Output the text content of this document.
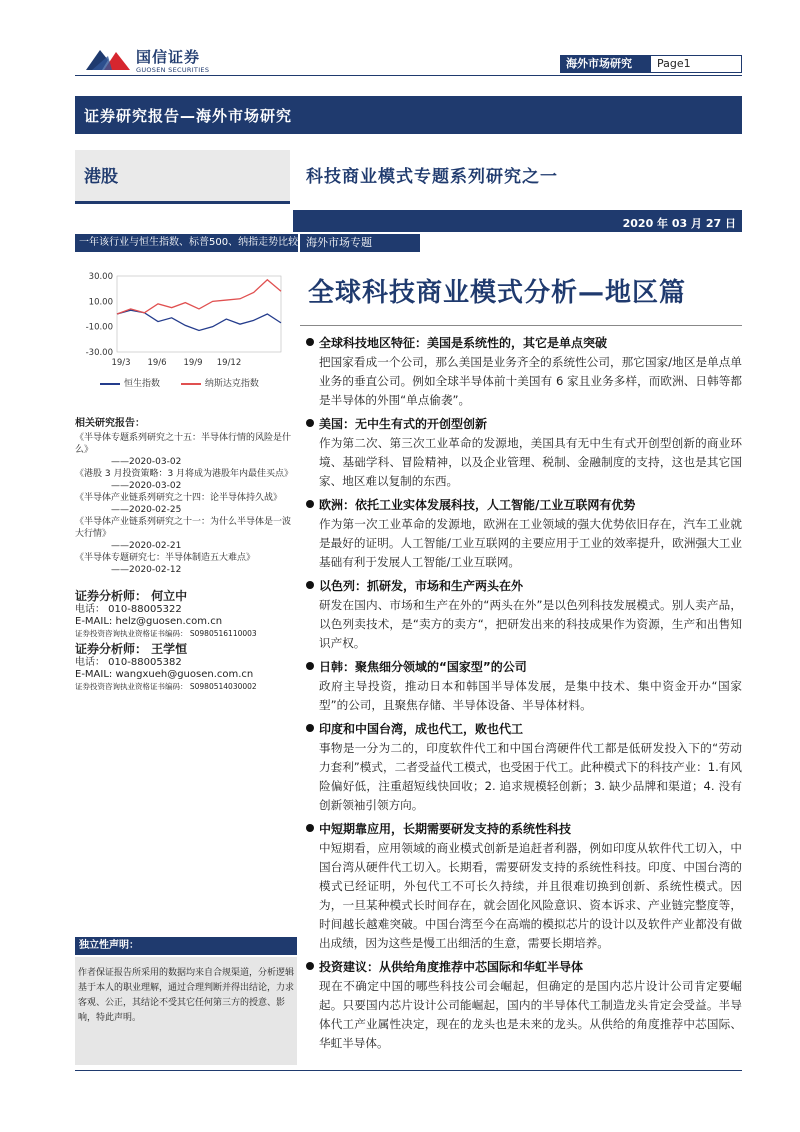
国信证券
GUOSEN SECURITIES	海外市场研究	Page1
证券研究报告—海外市场研究
港股	科技商业模式专题系列研究之一
2020 年 03 月 27 日
一年该行业与恒生指数、标普500、纳指走势比较 海外市场专题
全球科技商业模式分析—地区篇
30.00
10.00
-10.00
-30.00
19/3 19/6 19/9 19/12
恒生指数	纳斯达克指数
相关研究报告：
《半导体专题系列研究之十五：半导体行情的风险是什么》
——2020-03-02
《港股 3 月投资策略：3 月将成为港股年内最佳买点》
——2020-03-02
《半导体产业链系列研究之十四：论半导体持久战》
——2020-02-25
《半导体产业链系列研究之十一：为什么半导体是一波大行情》
——2020-02-21
《半导体专题研究七：半导体制造五大难点》
——2020-02-12
证券分析师： 何立中
电话： 010-88005322
E-MAIL: helz@guosen.com.cn
证券投资咨询执业资格证书编码： S0980516110003
证券分析师： 王学恒
电话： 010-88005382
E-MAIL: wangxueh@guosen.com.cn
证券投资咨询执业资格证书编码： S0980514030002
独立性声明：
作者保证报告所采用的数据均来自合规渠道，分析逻辑基于本人的职业理解，通过合理判断并得出结论，力求客观、公正，其结论不受其它任何第三方的授意、影响，特此声明。
全球科技地区特征：美国是系统性的，其它是单点突破
把国家看成一个公司，那么美国是业务齐全的系统性公司，那它国家/地区是单点单业务的垂直公司。例如全球半导体前十美国有 6 家且业务多样，而欧洲、日韩等都是半导体的外围“单点偷袭”。
美国：无中生有式的开创型创新
作为第二次、第三次工业革命的发源地，美国具有无中生有式开创型创新的商业环境、基础学科、冒险精神，以及企业管理、税制、金融制度的支持，这也是其它国家、地区难以复制的东西。
欧洲：依托工业实体发展科技，人工智能/工业互联网有优势
作为第一次工业革命的发源地，欧洲在工业领域的强大优势依旧存在，汽车工业就是最好的证明。人工智能/工业互联网的主要应用于工业的效率提升，欧洲强大工业基础有利于发展人工智能/工业互联网。
以色列：抓研发，市场和生产两头在外
研发在国内、市场和生产在外的“两头在外”是以色列科技发展模式。别人卖产品，以色列卖技术，是“卖方的卖方“，把研发出来的科技成果作为资源，生产和出售知识产权。
日韩：聚焦细分领域的“国家型”的公司
政府主导投资，推动日本和韩国半导体发展，是集中技术、集中资金开办“国家型”的公司，且聚焦存储、半导体设备、半导体材料。
印度和中国台湾，成也代工，败也代工
事物是一分为二的，印度软件代工和中国台湾硬件代工都是低研发投入下的“劳动力套利”模式，二者受益代工模式，也受困于代工。此种模式下的科技产业：1.有风险偏好低，注重超短线快回收；2. 追求规模轻创新；3. 缺少品牌和渠道；4. 没有创新领袖引领方向。
中短期靠应用，长期需要研发支持的系统性科技
中短期看，应用领域的商业模式创新是追赶者利器，例如印度从软件代工切入，中国台湾从硬件代工切入。长期看，需要研发支持的系统性科技。印度、中国台湾的模式已经证明，外包代工不可长久持续，并且很难切换到创新、系统性模式。因为，一旦某种模式长时间存在，就会固化风险意识、资本诉求、产业链完整度等，时间越长越难突破。中国台湾至今在高端的模拟芯片的设计以及软件产业都没有做出成绩，因为这些是慢工出细活的生意，需要长期培养。
投资建议：从供给角度推荐中芯国际和华虹半导体
现在不确定中国的哪些科技公司会崛起，但确定的是国内芯片设计公司肯定要崛起。只要国内芯片设计公司能崛起，国内的半导体代工制造龙头肯定会受益。半导体代工产业属性决定，现在的龙头也是未来的龙头。从供给的角度推荐中芯国际、华虹半导体。
